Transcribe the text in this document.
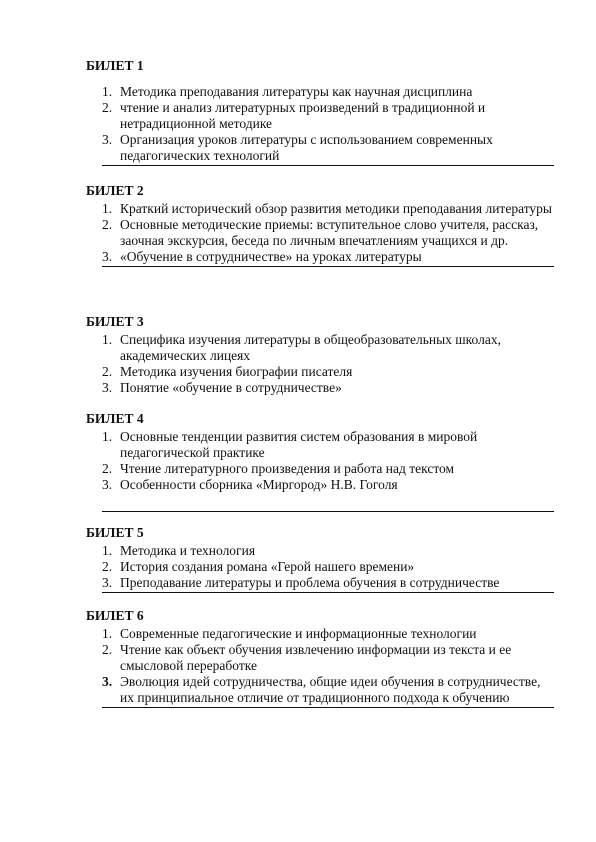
БИЛЕТ 1
1. Методика преподавания литературы как научная дисциплина
2. чтение и анализ литературных произведений в традиционной и нетрадиционной методике
3. Организация уроков литературы с использованием современных педагогических технологий
БИЛЕТ 2
1. Краткий исторический обзор развития методики преподавания литературы
2. Основные методические приемы: вступительное слово учителя, рассказ, заочная экскурсия, беседа по личным впечатлениям учащихся и др.
3. «Обучение в сотрудничестве» на уроках литературы
БИЛЕТ 3
1. Специфика изучения литературы в общеобразовательных школах, академических лицеях
2. Методика изучения биографии писателя
3. Понятие «обучение в сотрудничестве»
БИЛЕТ 4
1. Основные тенденции развития систем образования в мировой педагогической практике
2. Чтение литературного произведения и работа над текстом
3. Особенности сборника «Миргород» Н.В. Гоголя
БИЛЕТ 5
1. Методика и технология
2. История создания романа «Герой нашего времени»
3. Преподавание литературы и проблема обучения в сотрудничестве
БИЛЕТ 6
1. Современные педагогические и информационные технологии
2. Чтение как объект обучения извлечению информации из текста и ее смысловой переработке
3. Эволюция идей сотрудничества, общие идеи обучения в сотрудничестве, их принципиальное отличие от традиционного подхода к обучению
